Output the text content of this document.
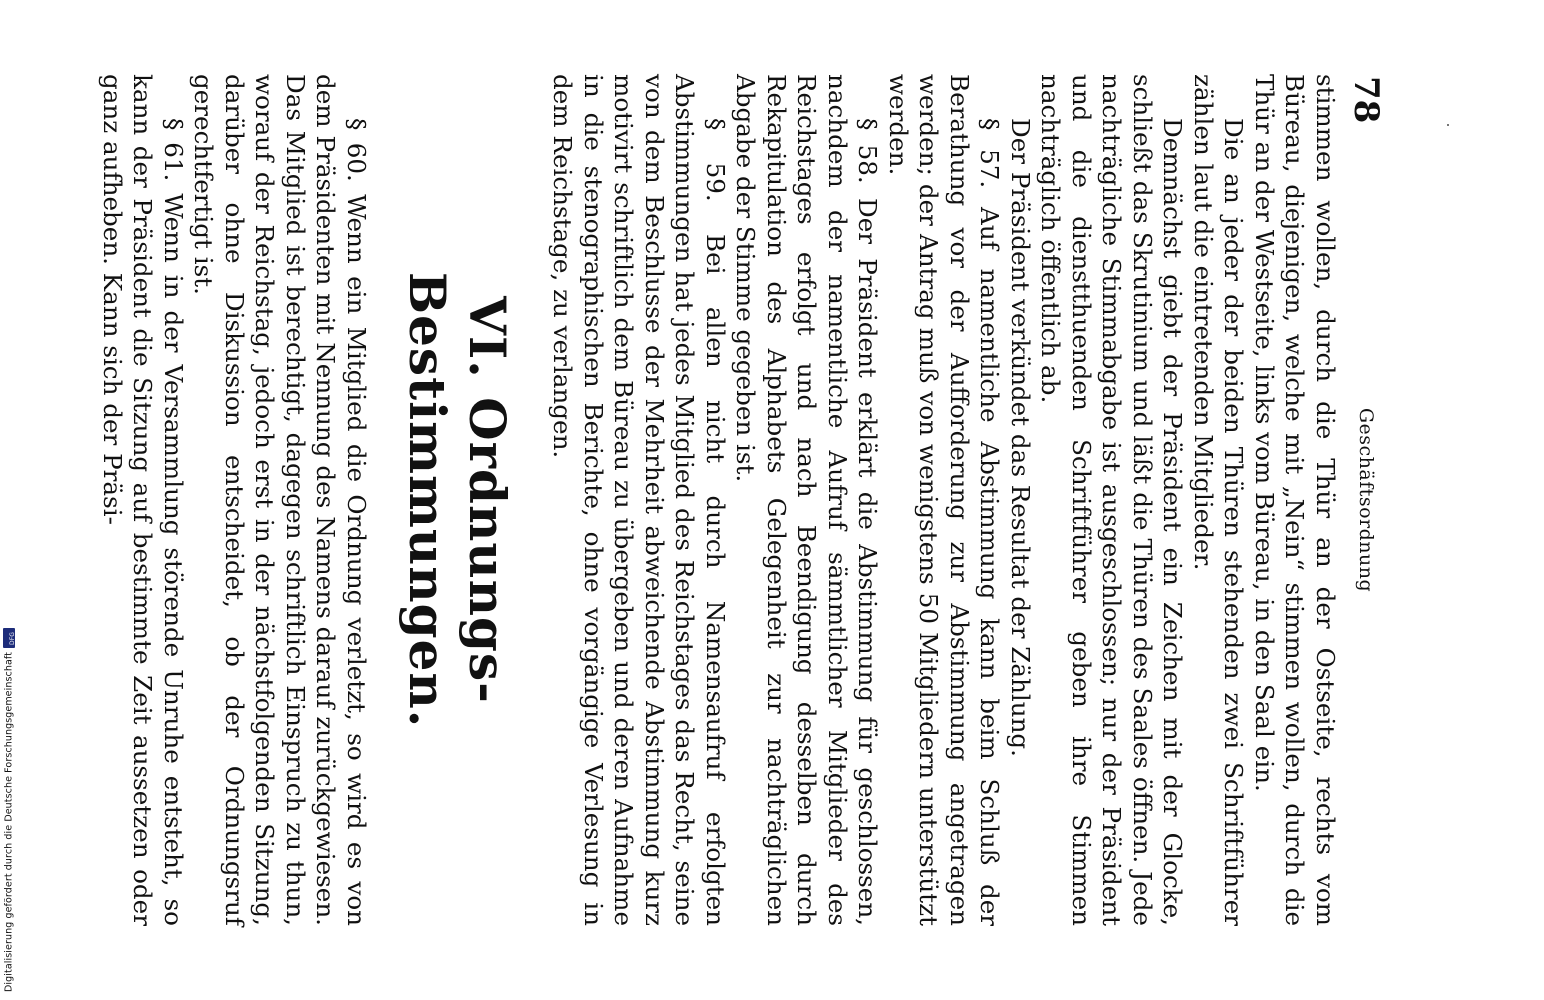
78
Geschäftsordnung

stimmen wollen, durch die Thür an der Ostseite, rechts vom Büreau, diejenigen, welche mit „Nein“ stimmen wollen, durch die Thür an der Westseite, links vom Büreau, in den Saal ein.

Die an jeder der beiden Thüren stehenden zwei Schriftführer zählen laut die eintretenden Mitglieder.

Demnächst giebt der Präsident ein Zeichen mit der Glocke, schließt das Skrutinium und läßt die Thüren des Saales öffnen. Jede nachträgliche Stimmabgabe ist ausgeschlossen; nur der Präsident und die dienstthuenden Schriftführer geben ihre Stimmen nachträglich öffentlich ab.

Der Präsident verkündet das Resultat der Zählung.

§ 57. Auf namentliche Abstimmung kann beim Schluß der Berathung vor der Aufforderung zur Abstimmung angetragen werden; der Antrag muß von wenigstens 50 Mitgliedern unterstützt werden.

§ 58. Der Präsident erklärt die Abstimmung für geschlossen, nachdem der namentliche Aufruf sämmtlicher Mitglieder des Reichstages erfolgt und nach Beendigung desselben durch Rekapitulation des Alphabets Gelegenheit zur nachträglichen Abgabe der Stimme gegeben ist.

§ 59. Bei allen nicht durch Namensaufruf erfolgten Abstimmungen hat jedes Mitglied des Reichstages das Recht, seine von dem Beschlusse der Mehrheit abweichende Abstimmung kurz motivirt schriftlich dem Büreau zu übergeben und deren Aufnahme in die stenographischen Berichte, ohne vorgängige Verlesung in dem Reichstage, zu verlangen.

VI. Ordnungs-Bestimmungen.

§ 60. Wenn ein Mitglied die Ordnung verletzt, so wird es von dem Präsidenten mit Nennung des Namens darauf zurückgewiesen. Das Mitglied ist berechtigt, dagegen schriftlich Einspruch zu thun, worauf der Reichstag, jedoch erst in der nächstfolgenden Sitzung, darüber ohne Diskussion entscheidet, ob der Ordnungsruf gerechtfertigt ist.

§ 61. Wenn in der Versammlung störende Unruhe entsteht, so kann der Präsident die Sitzung auf bestimmte Zeit aussetzen oder ganz aufheben. Kann sich der Präsi-

Digitalisierung gefördert durch die Deutsche Forschungsgemeinschaft
DFG
